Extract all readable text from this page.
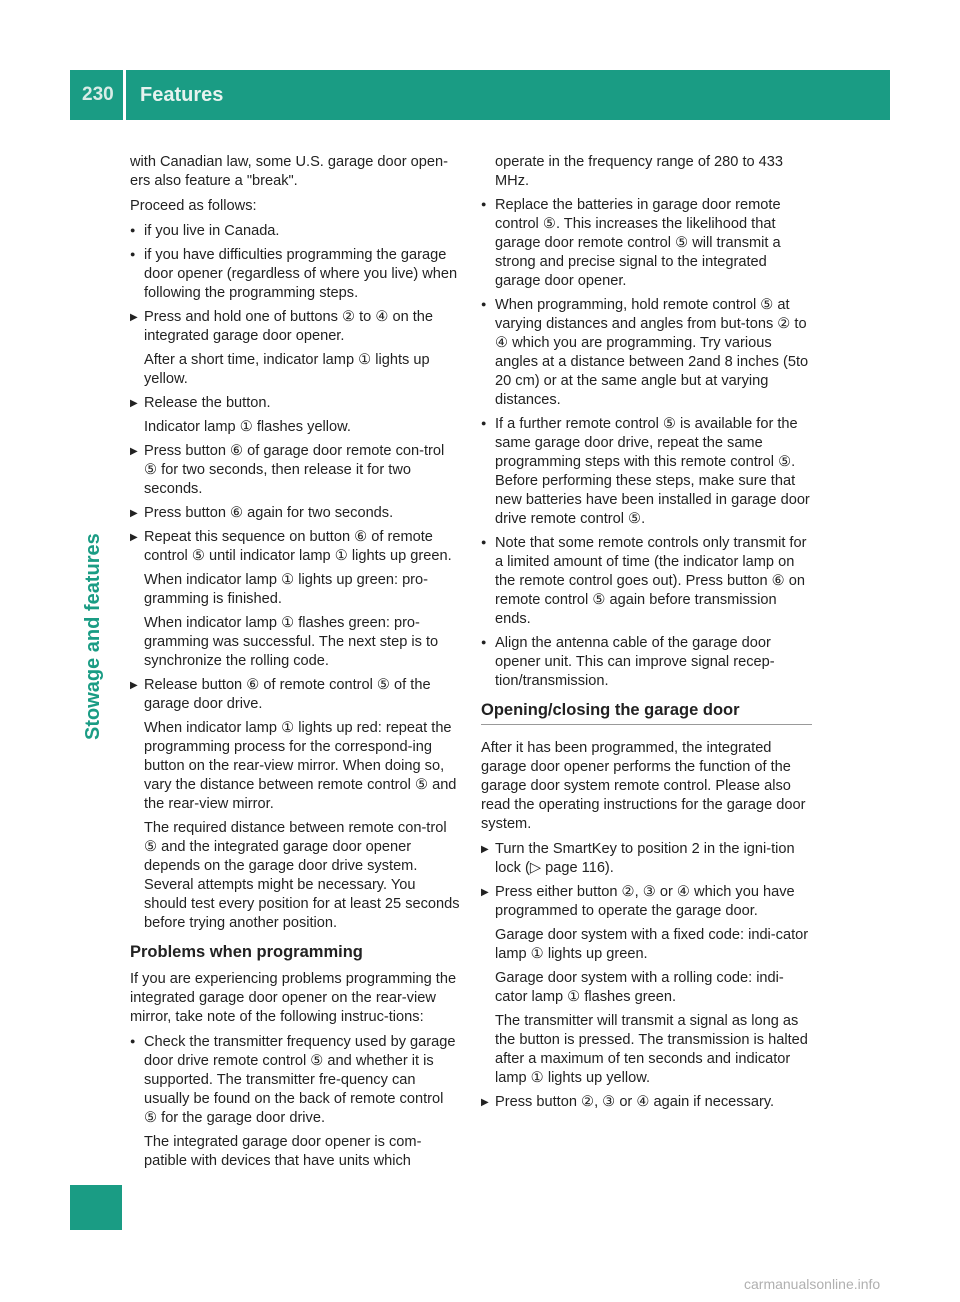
230 Features
Stowage and features

with Canadian law, some U.S. garage door open-ers also feature a "break".

Proceed as follows:

● if you live in Canada.
● if you have difficulties programming the garage door opener (regardless of where you live) when following the programming steps.

▶ Press and hold one of buttons ② to ④ on the integrated garage door opener.

After a short time, indicator lamp ① lights up yellow.

▶ Release the button.

Indicator lamp ① flashes yellow.

▶ Press button ⑥ of garage door remote con-trol ⑤ for two seconds, then release it for two seconds.

▶ Press button ⑥ again for two seconds.

▶ Repeat this sequence on button ⑥ of remote control ⑤ until indicator lamp ① lights up green.

When indicator lamp ① lights up green: pro-gramming is finished.

When indicator lamp ① flashes green: pro-gramming was successful. The next step is to synchronize the rolling code.

▶ Release button ⑥ of remote control ⑤ of the garage door drive.

When indicator lamp ① lights up red: repeat the programming process for the correspond-ing button on the rear-view mirror. When doing so, vary the distance between remote control ⑤ and the rear-view mirror.

The required distance between remote con-trol ⑤ and the integrated garage door opener depends on the garage door drive system. Several attempts might be necessary. You should test every position for at least 25 seconds before trying another position.

Problems when programming

If you are experiencing problems programming the integrated garage door opener on the rear-view mirror, take note of the following instruc-tions:

● Check the transmitter frequency used by garage door drive remote control ⑤ and whether it is supported. The transmitter fre-quency can usually be found on the back of remote control ⑤ for the garage door drive.

The integrated garage door opener is com-patible with devices that have units which

operate in the frequency range of 280 to 433 MHz.
● Replace the batteries in garage door remote control ⑤. This increases the likelihood that garage door remote control ⑤ will transmit a strong and precise signal to the integrated garage door opener.
● When programming, hold remote control ⑤ at varying distances and angles from but-tons ② to ④ which you are programming. Try various angles at a distance between 2and 8 inches (5to 20 cm) or at the same angle but at varying distances.
● If a further remote control ⑤ is available for the same garage door drive, repeat the same programming steps with this remote control ⑤. Before performing these steps, make sure that new batteries have been installed in garage door drive remote control ⑤.
● Note that some remote controls only transmit for a limited amount of time (the indicator lamp on the remote control goes out). Press button ⑥ on remote control ⑤ again before transmission ends.
● Align the antenna cable of the garage door opener unit. This can improve signal recep-tion/transmission.
Opening/closing the garage door

After it has been programmed, the integrated garage door opener performs the function of the garage door system remote control. Please also read the operating instructions for the garage door system.

▶ Turn the SmartKey to position 2 in the igni-tion lock (▷ page 116).

▶ Press either button ②, ③ or ④ which you have programmed to operate the garage door.

Garage door system with a fixed code: indi-cator lamp ① lights up green.

Garage door system with a rolling code: indi-cator lamp ① flashes green.

The transmitter will transmit a signal as long as the button is pressed. The transmission is halted after a maximum of ten seconds and indicator lamp ① lights up yellow.

▶ Press button ②, ③ or ④ again if necessary.

carmanualsonline.info
